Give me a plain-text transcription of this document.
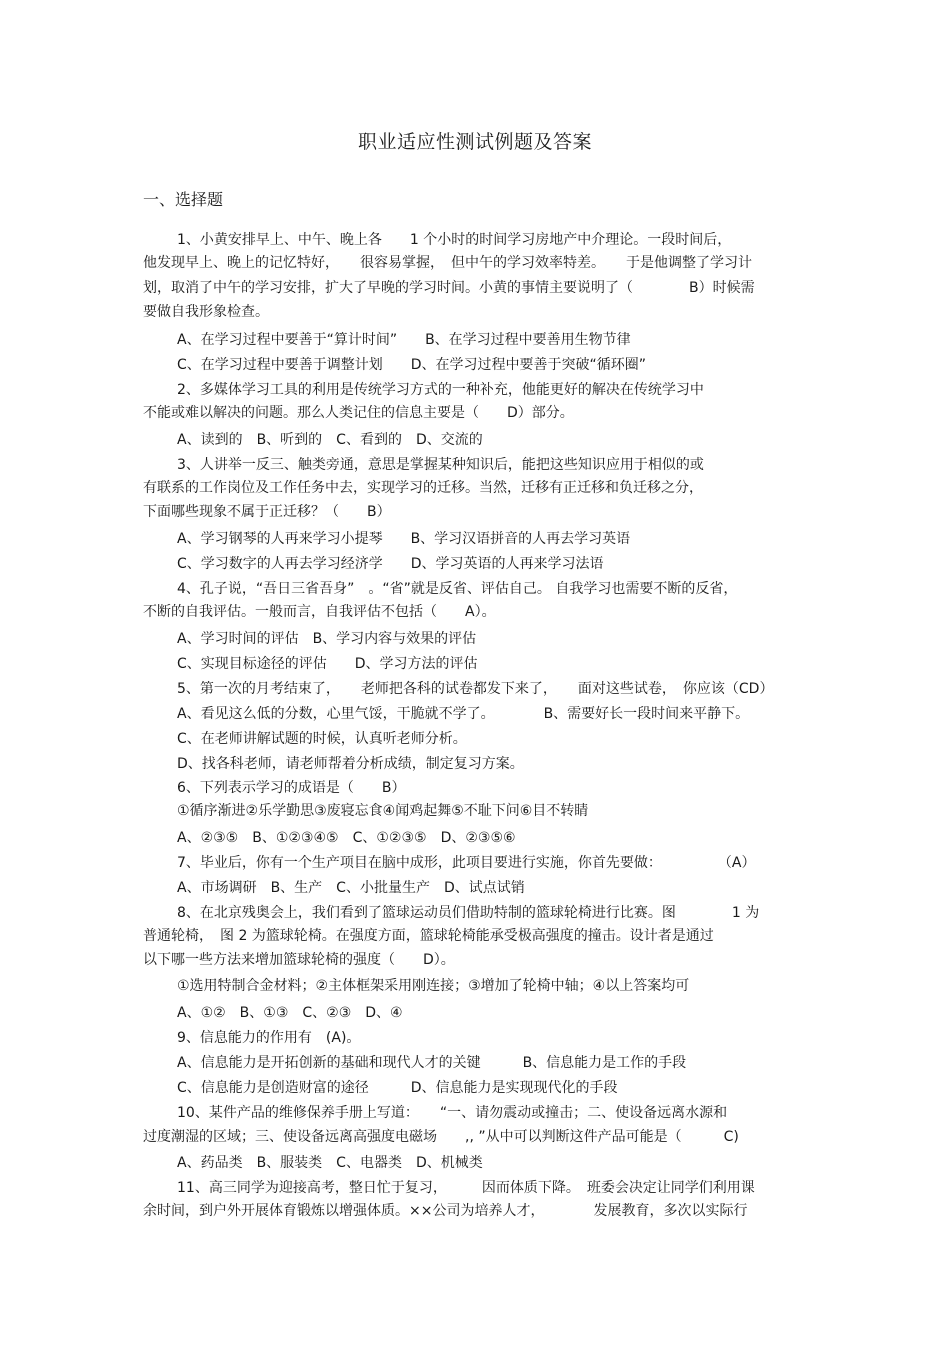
职业适应性测试例题及答案
一、选择题
1、小黄安排早上、中午、晚上各　　1 个小时的时间学习房地产中介理论。一段时间后，
他发现早上、晚上的记忆特好，　　很容易掌握，　但中午的学习效率特差。　　于是他调整了学习计
划，取消了中午的学习安排，扩大了早晚的学习时间。小黄的事情主要说明了（　　　　B）时候需
要做自我形象检查。
A、在学习过程中要善于“算计时间”　　B、在学习过程中要善用生物节律
C、在学习过程中要善于调整计划　　D、在学习过程中要善于突破“循环圈”
2、多媒体学习工具的利用是传统学习方式的一种补充，他能更好的解决在传统学习中
不能或难以解决的问题。那么人类记住的信息主要是（　　D）部分。
A、读到的　B、听到的　C、看到的　D、交流的
3、人讲举一反三、触类旁通，意思是掌握某种知识后，能把这些知识应用于相似的或
有联系的工作岗位及工作任务中去，实现学习的迁移。当然，迁移有正迁移和负迁移之分，
下面哪些现象不属于正迁移？（　　B）
A、学习钢琴的人再来学习小提琴　　B、学习汉语拼音的人再去学习英语
C、学习数字的人再去学习经济学　　D、学习英语的人再来学习法语
4、孔子说，“吾日三省吾身”　。“省”就是反省、评估自己。 自我学习也需要不断的反省，
不断的自我评估。一般而言，自我评估不包括（　　A）。
A、学习时间的评估　B、学习内容与效果的评估
C、实现目标途径的评估　　D、学习方法的评估
5、第一次的月考结束了，　　老师把各科的试卷都发下来了，　　面对这些试卷，　你应该（CD）
A、看见这么低的分数，心里气馁，干脆就不学了。　　　　B、需要好长一段时间来平静下。
C、在老师讲解试题的时候，认真听老师分析。
D、找各科老师，请老师帮着分析成绩，制定复习方案。
6、下列表示学习的成语是（　　B）
①循序渐进②乐学勤思③废寝忘食④闻鸡起舞⑤不耻下问⑥目不转睛
A、②③⑤　B、①②③④⑤　C、①②③⑤　D、②③⑤⑥
7、毕业后，你有一个生产项目在脑中成形，此项目要进行实施，你首先要做：　　　　　（A）
A、市场调研　B、生产　C、小批量生产　D、试点试销
8、在北京残奥会上，我们看到了篮球运动员们借助特制的篮球轮椅进行比赛。图　　　　1 为
普通轮椅，　图 2 为篮球轮椅。在强度方面，篮球轮椅能承受极高强度的撞击。设计者是通过
以下哪一些方法来增加篮球轮椅的强度（　　D）。
①选用特制合金材料；②主体框架采用刚连接；③增加了轮椅中轴；④以上答案均可
A、①②　B、①③　C、②③　D、④
9、信息能力的作用有　(A)。
A、信息能力是开拓创新的基础和现代人才的关键　　　B、信息能力是工作的手段
C、信息能力是创造财富的途径　　　D、信息能力是实现现代化的手段
10、某件产品的维修保养手册上写道：　　“一、请勿震动或撞击；二、使设备远离水源和
过度潮湿的区域；三、使设备远离高强度电磁场　　,, ”从中可以判断这件产品可能是（　　　C)
A、药品类　B、服装类　C、电器类　D、机械类
11、高三同学为迎接高考，整日忙于复习，　　　因而体质下降。　班委会决定让同学们利用课
余时间，到户外开展体育锻炼以增强体质。××公司为培养人才，　　　　发展教育，多次以实际行
